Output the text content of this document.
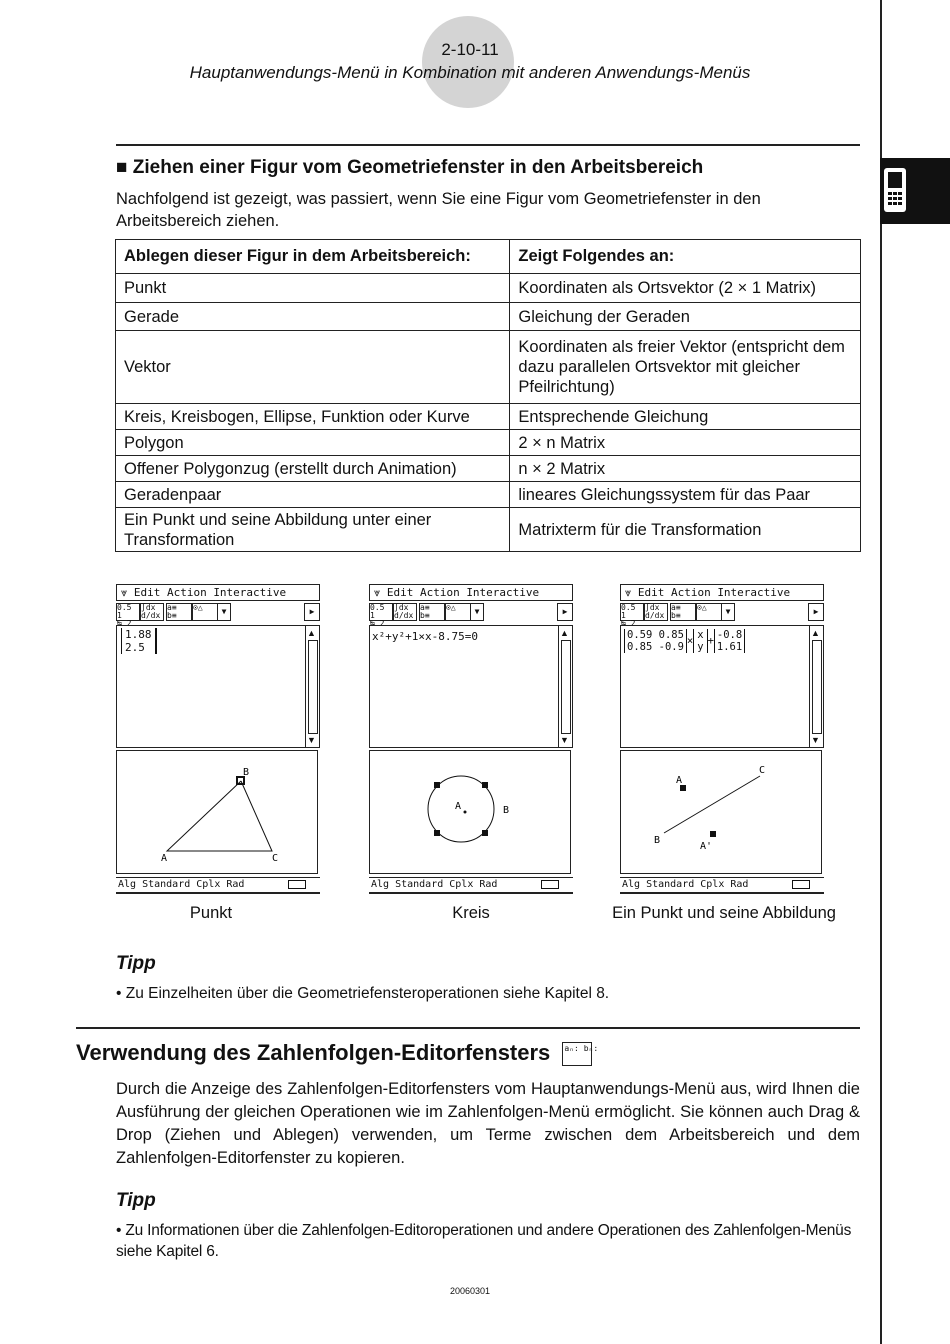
2-10-11
Hauptanwendungs-Menü in Kombination mit anderen Anwendungs-Menüs
■ Ziehen einer Figur vom Geometriefenster in den Arbeitsbereich
Nachfolgend ist gezeigt, was passiert, wenn Sie eine Figur vom Geometriefenster in den Arbeitsbereich ziehen.
Ablegen dieser Figur in dem Arbeitsbereich:	Zeigt Folgendes an:
Punkt	Koordinaten als Ortsvektor (2 × 1 Matrix)
Gerade	Gleichung der Geraden
Vektor	Koordinaten als freier Vektor (entspricht dem dazu parallelen Ortsvektor mit gleicher Pfeilrichtung)
Kreis, Kreisbogen, Ellipse, Funktion oder Kurve	Entsprechende Gleichung
Polygon	2 × n Matrix
Offener Polygonzug (erstellt durch Animation)	n × 2 Matrix
Geradenpaar	lineares Gleichungssystem für das Paar
Ein Punkt und seine Abbildung unter einer Transformation	Matrixterm für die Transformation
⩔ Edit Action Interactive
0.5 1
↹ 2
∫dx
d/dx
a≡
b≡
⊙△	▼	▶
1.88
2.5
▲
▼
B
A	C
Alg Standard Cplx Rad
⩔ Edit Action Interactive
0.5 1
↹ 2
∫dx
d/dx
a≡
b≡
⊙△	▼	▶
x²+y²+1×x-8.75=0	▲
▼
A	B
Alg Standard Cplx Rad
⩔ Edit Action Interactive
0.5 1
↹ 2
∫dx
d/dx
a≡
b≡
⊙△	▼	▶
0.59 0.85
0.85 -0.9 × x
y + -0.8
1.61
▲
▼
A
C
B
A'
Alg Standard Cplx Rad
Punkt	Kreis	Ein Punkt und seine Abbildung
Tipp
• Zu Einzelheiten über die Geometriefensteroperationen siehe Kapitel 8.
Verwendung des Zahlenfolgen-Editorfensters aₙ: bₙ:
Durch die Anzeige des Zahlenfolgen-Editorfensters vom Hauptanwendungs-Menü aus, wird Ihnen die Ausführung der gleichen Operationen wie im Zahlenfolgen-Menü ermöglicht. Sie können auch Drag & Drop (Ziehen und Ablegen) verwenden, um Terme zwischen dem Arbeitsbereich und dem Zahlenfolgen-Editorfenster zu kopieren.
Tipp
• Zu Informationen über die Zahlenfolgen-Editoroperationen und andere Operationen des Zahlenfolgen-Menüs siehe Kapitel 6.
20060301
